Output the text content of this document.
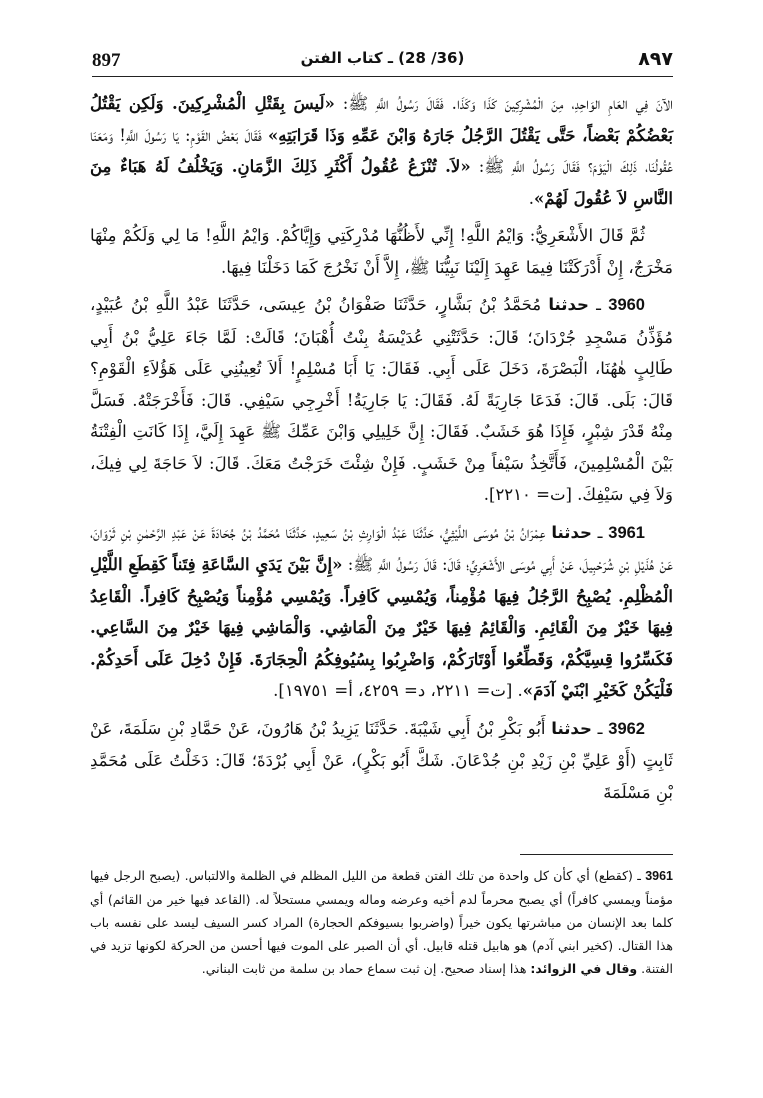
897	(36/ 28) ـ كتاب الفتن	٨٩٧

الآنَ فِي العَامِ الوَاحِدِ، مِنَ الْمُشْرِكِينَ كَذَا وَكَذَا. فَقَالَ رَسُولُ اللَّهِ ﷺ: «لَيسَ بِقَتْلِ الْمُشْرِكِينَ. وَلَكِن يَقْتُلُ بَعْضُكُمْ بَعْضاً، حَتَّى يَقْتُلَ الرَّجُلُ جَارَهُ وَابْنَ عَمِّهِ وَذَا قَرَابَتِهِ» فَقَالَ بَعْضُ القَوْمِ: يَا رَسُولَ اللَّهِ! وَمَعَنَا عُقُولُنَا، ذَلِكَ الْيَوْمَ؟ فَقَالَ رَسُولُ اللَّهِ ﷺ: «لاَ. تُنْزَعُ عُقُولُ أَكْثَرِ ذَلِكَ الزَّمَانِ. وَيَخْلُفُ لَهُ هَبَاءٌ مِنَ النَّاسِ لاَ عُقُولَ لَهُمْ».

ثُمَّ قَالَ الأَشْعَرِيُّ: وَايْمُ اللَّهِ! إِنِّي لأَظُنُّهَا مُدْرِكَتِي وَإِيَّاكُمْ. وَايْمُ اللَّهِ! مَا لِي وَلَكُمْ مِنْهَا مَخْرَجٌ، إِنْ أَدْرَكَتْنَا فِيمَا عَهِدَ إِلَيْنَا نَبِيُّنَا ﷺ، إِلاَّ أَنْ نَخْرُجَ كَمَا دَخَلْنَا فِيهَا.

3960 ـ حدثنا مُحَمَّدُ بْنُ بَشَّارٍ، حَدَّثَنَا صَفْوَانُ بْنُ عِيسَى، حَدَّثَنَا عَبْدُ اللَّهِ بْنُ عُبَيْدٍ، مُؤَذِّنُ مَسْجِدِ جُرْدَانَ؛ قَالَ: حَدَّثَتْنِي عُدَيْسَةُ بِنْتُ أُهْبَانَ؛ قَالَتْ: لَمَّا جَاءَ عَلِيُّ بْنُ أَبِي طَالِبٍ هٰهُنَا، الْبَصْرَةَ، دَخَلَ عَلَى أَبِي. فَقَالَ: يَا أَبَا مُسْلِمٍ! أَلاَ تُعِينُنِي عَلَى هَؤُلاَءِ الْقَوْمِ؟ قَالَ: بَلَى. قَالَ: فَدَعَا جَارِيَةً لَهُ. فَقَالَ: يَا جَارِيَةُ! أَخْرِجِي سَيْفِي. قَالَ: فَأَخْرَجَتْهُ. فَسَلَّ مِنْهُ قَدْرَ شِبْرٍ، فَإِذَا هُوَ خَشَبٌ. فَقَالَ: إِنَّ خَلِيلِي وَابْنَ عَمِّكَ ﷺ عَهِدَ إِلَيَّ، إِذَا كَانَتِ الْفِتْنَةُ بَيْنَ الْمُسْلِمِينَ، فَأَتَّخِذُ سَيْفاً مِنْ خَشَبٍ. فَإِنْ شِئْتَ خَرَجْتُ مَعَكَ. قَالَ: لاَ حَاجَةَ لِي فِيكَ، وَلاَ فِي سَيْفِكَ. [ت= ٢٢١٠].

3961 ـ حدثنا عِمْرَانُ بْنُ مُوسَى اللَّيْثِيُّ، حَدَّثَنَا عَبْدُ الْوَارِثِ بْنُ سَعِيدٍ، حَدَّثَنَا مُحَمَّدُ بْنُ جُحَادَةَ عَنْ عَبْدِ الرَّحْمٰنِ بْنِ ثَرْوَانَ، عَنْ هُذَيْلِ بْنِ شُرَحْبِيلَ، عَنْ أَبِي مُوسَى الأَشْعَرِيِّ؛ قَالَ: قَالَ رَسُولُ اللَّهِ ﷺ: «إِنَّ بَيْنَ يَدَيِ السَّاعَةِ فِتَناً كَقِطَعِ اللَّيْلِ الْمُظْلِمِ. يُصْبِحُ الرَّجُلُ فِيهَا مُؤْمِناً، وَيُمْسِي كَافِراً. وَيُمْسِي مُؤْمِناً وَيُصْبِحُ كَافِراً. الْقَاعِدُ فِيهَا خَيْرٌ مِنَ الْقَائِمِ. وَالْقَائِمُ فِيهَا خَيْرٌ مِنَ الْمَاشِي. وَالْمَاشِي فِيهَا خَيْرٌ مِنَ السَّاعِي. فَكَسِّرُوا قِسِيَّكُمْ، وَقَطِّعُوا أَوْتَارَكُمْ، وَاضْرِبُوا بِسُيُوفِكُمُ الْحِجَارَةَ. فَإِنْ دُخِلَ عَلَى أَحَدِكُمْ. فَلْيَكُنْ كَخَيْرِ ابْنَيْ آدَمَ». [ت= ٢٢١١، د= ٤٢٥٩، أ= ١٩٧٥١].

3962 ـ حدثنا أَبُو بَكْرِ بْنُ أَبِي شَيْبَةَ. حَدَّثَنَا يَزِيدُ بْنُ هَارُونَ، عَنْ حَمَّادِ بْنِ سَلَمَةَ، عَنْ ثَابِتٍ (أَوْ عَلِيِّ بْنِ زَيْدِ بْنِ جُدْعَانَ. شَكَّ أَبُو بَكْرٍ)، عَنْ أَبِي بُرْدَةَ؛ قَالَ: دَخَلْتُ عَلَى مُحَمَّدِ بْنِ مَسْلَمَةَ

3961 ـ (كقطع) أي كأن كل واحدة من تلك الفتن قطعة من الليل المظلم في الظلمة والالتباس. (يصبح الرجل فيها مؤمناً ويمسي كافراً) أي يصبح محرماً لدم أخيه وعرضه وماله ويمسي مستحلاً له. (القاعد فيها خير من القائم) أي كلما بعد الإنسان من مباشرتها يكون خيراً (واضربوا بسيوفكم الحجارة) المراد كسر السيف ليسد على نفسه باب هذا القتال. (كخير ابني آدم) هو هابيل قتله قابيل. أي أن الصبر على الموت فيها أحسن من الحركة لكونها تزيد في الفتنة. وقال في الزوائد: هذا إسناد صحيح. إن ثبت سماع حماد بن سلمة من ثابت البناني.
